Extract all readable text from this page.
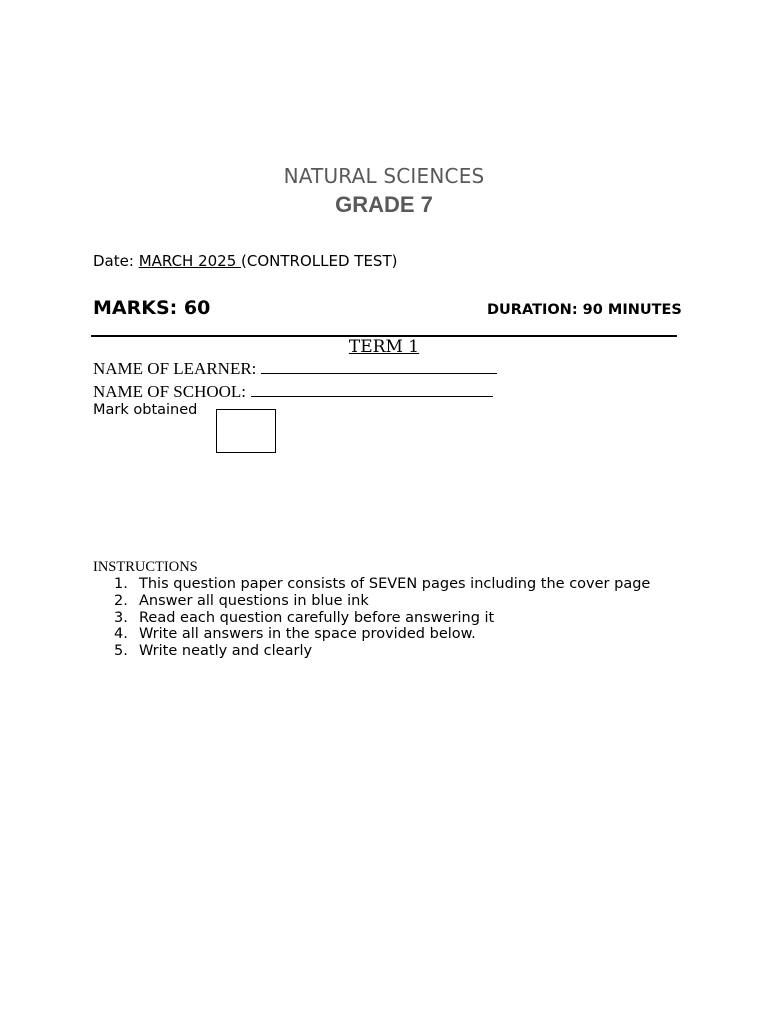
NATURAL SCIENCES
GRADE 7
Date: MARCH 2025 (CONTROLLED TEST)
MARKS: 60	DURATION: 90 MINUTES
TERM 1
NAME OF LEARNER:
NAME OF SCHOOL:
Mark obtained
INSTRUCTIONS
1. This question paper consists of SEVEN pages including the cover page
2. Answer all questions in blue ink
3. Read each question carefully before answering it
4. Write all answers in the space provided below.
5. Write neatly and clearly
